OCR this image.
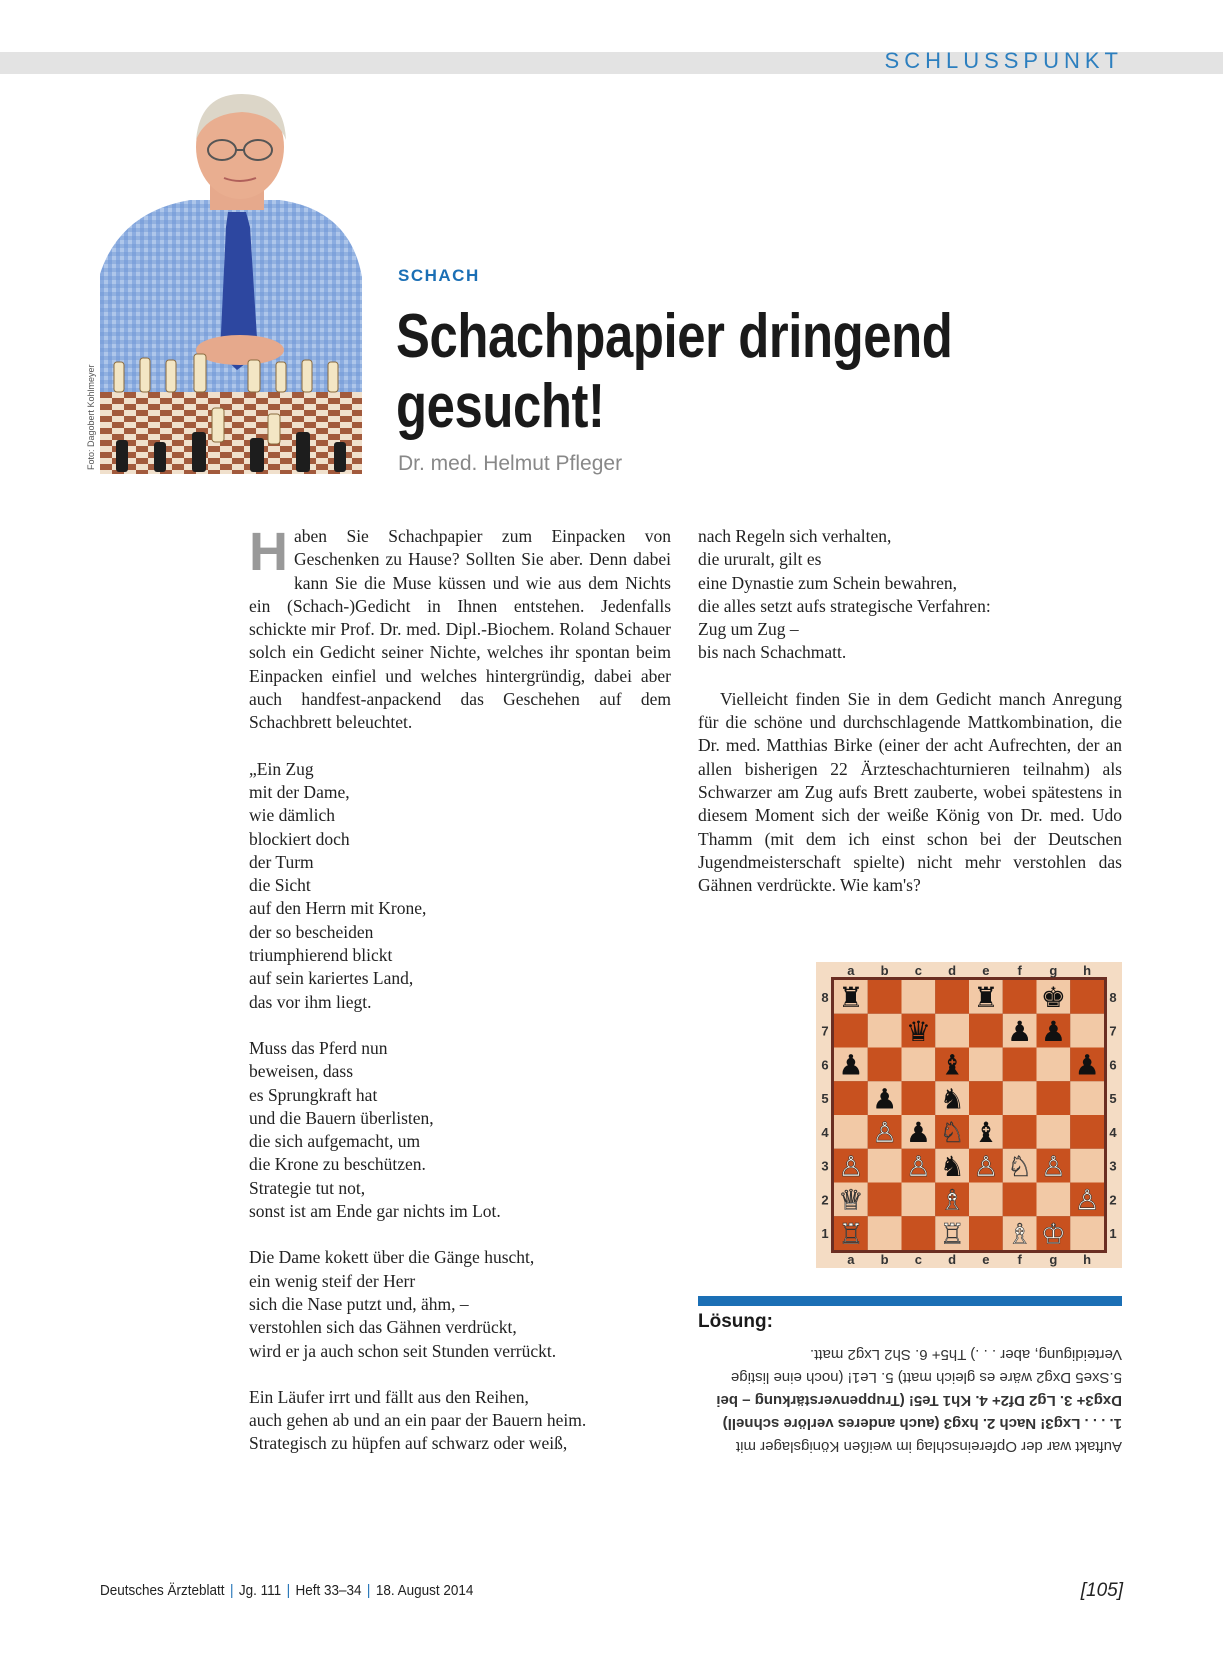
SCHLUSSPUNKT
Foto: Dagobert Kohlmeyer
SCHACH
Schachpapier dringend
gesucht!
Dr. med. Helmut Pfleger

Haben Sie Schachpapier zum Einpacken von Geschenken zu Hause? Sollten Sie aber. Denn dabei kann Sie die Muse küssen und wie aus dem Nichts ein (Schach-)Gedicht in Ihnen entstehen. Jedenfalls schickte mir Prof. Dr. med. Dipl.-Biochem. Roland Schauer solch ein Gedicht seiner Nichte, welches ihr spontan beim Einpacken einfiel und welches hintergründig, dabei aber auch handfest-anpackend das Geschehen auf dem Schachbrett beleuchtet.

„Ein Zug
mit der Dame,
wie dämlich
blockiert doch
der Turm
die Sicht
auf den Herrn mit Krone,
der so bescheiden
triumphierend blickt
auf sein kariertes Land,
das vor ihm liegt.
Muss das Pferd nun
beweisen, dass
es Sprungkraft hat
und die Bauern überlisten,
die sich aufgemacht, um
die Krone zu beschützen.
Strategie tut not,
sonst ist am Ende gar nichts im Lot.
Die Dame kokett über die Gänge huscht,
ein wenig steif der Herr
sich die Nase putzt und, ähm, –
verstohlen sich das Gähnen verdrückt,
wird er ja auch schon seit Stunden verrückt.
Ein Läufer irrt und fällt aus den Reihen,
auch gehen ab und an ein paar der Bauern heim.
Strategisch zu hüpfen auf schwarz oder weiß,
nach Regeln sich verhalten,
die ururalt, gilt es
eine Dynastie zum Schein bewahren,
die alles setzt aufs strategische Verfahren:
Zug um Zug –
bis nach Schachmatt.

Vielleicht finden Sie in dem Gedicht manch Anregung für die schöne und durchschlagende Mattkombination, die Dr. med. Matthias Birke (einer der acht Aufrechten, der an allen bisherigen 22 Ärzteschachturnieren teilnahm) als Schwarzer am Zug aufs Brett zauberte, wobei spätestens in diesem Moment sich der weiße König von Dr. med. Udo Thamm (mit dem ich einst schon bei der Deutschen Jugendmeisterschaft spielte) nicht mehr verstohlen das Gähnen verdrückte. Wie kam's?

a
a
b
b
c
c
d
d
e
e
f
f
g
g
h
h
8	8
7	7
6	6
5	5
4	4
3	3
2	2
1	1
♜	♜ ♚
♛	♟ ♟
♟	♝	♟
♟ ♞
♙ ♟ ♘ ♝
♙ ♙ ♞ ♙ ♘ ♙
♕	♗	♙
♖	♖ ♗ ♔
Lösung:

Auftakt war der Opfereinschlag im weißen Königslager mit

1. . . . Lxg3! Nach 2. hxg3 (auch anderes verlöre schnell)

Dxg3+ 3. Lg2 Df2+ 4. Kh1 Te5! (Truppenverstärkung – bei

5.Sxe5 Dxg2 wäre es gleich matt) 5. Le1! (noch eine listige

Verteidigung, aber . . .) Th5+ 6. Sh2 Lxg2 matt.

Deutsches Ärzteblatt | Jg. 111 | Heft 33–34 | 18. August 2014	[105]
